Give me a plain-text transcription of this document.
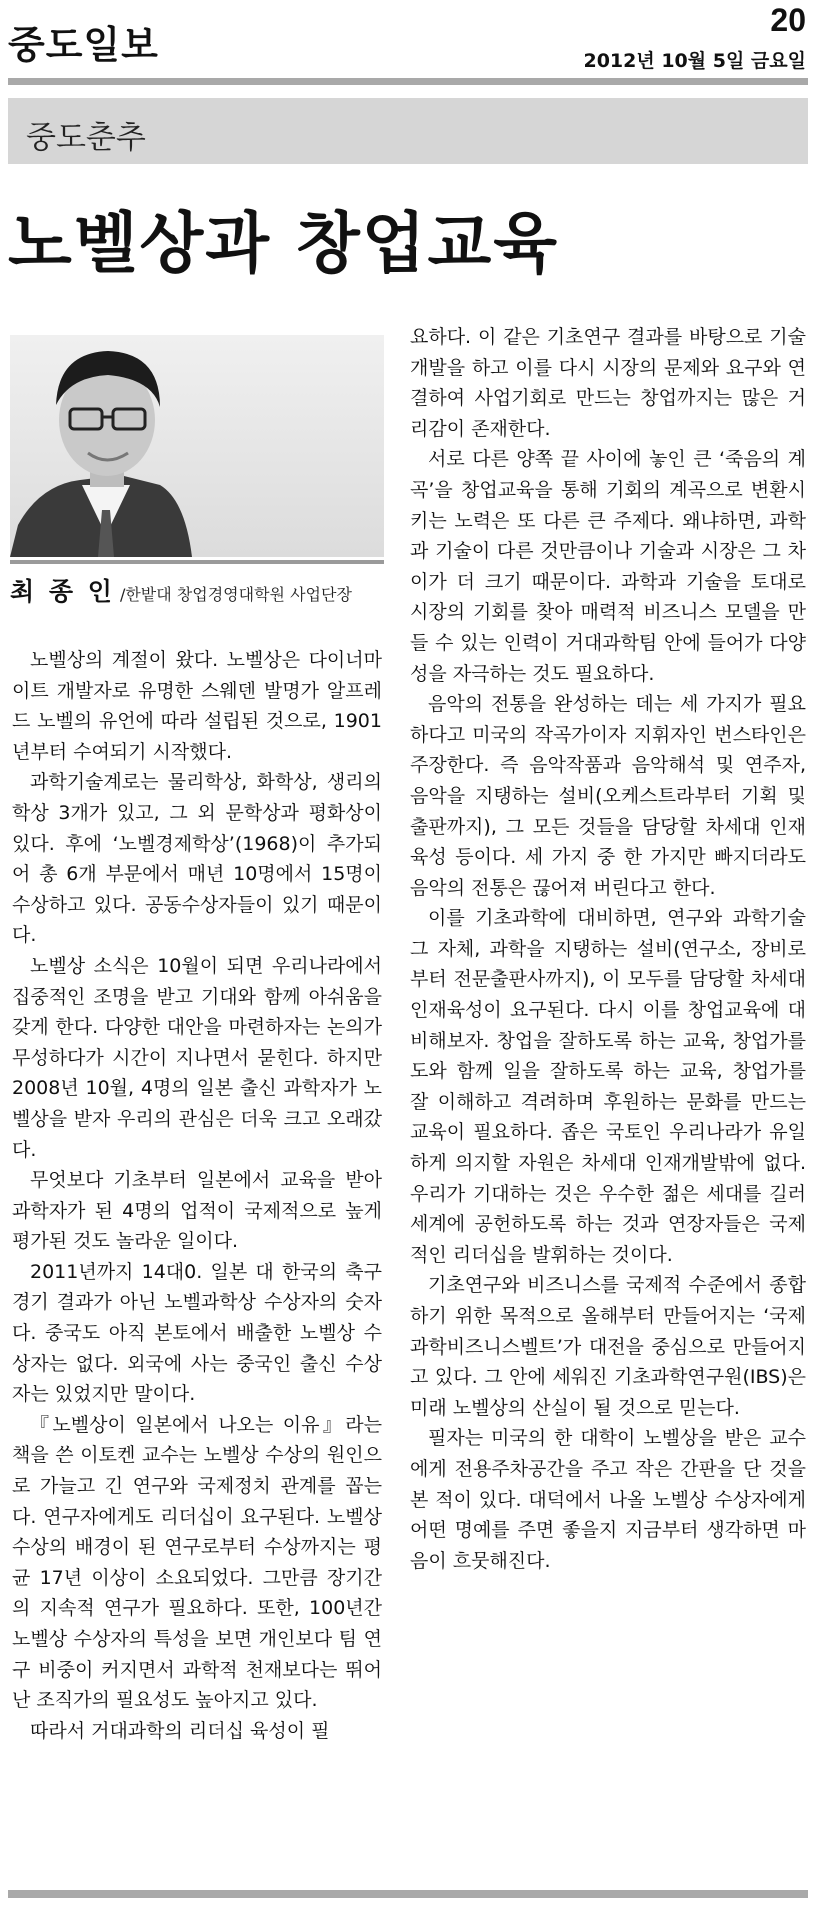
중도일보
20
2012년 10월 5일 금요일
중도춘추
노벨상과 창업교육
최 종 인 /한밭대 창업경영대학원 사업단장

노벨상의 계절이 왔다. 노벨상은 다이너마이트 개발자로 유명한 스웨덴 발명가 알프레드 노벨의 유언에 따라 설립된 것으로, 1901년부터 수여되기 시작했다.

과학기술계로는 물리학상, 화학상, 생리의학상 3개가 있고, 그 외 문학상과 평화상이 있다. 후에 ‘노벨경제학상’(1968)이 추가되어 총 6개 부문에서 매년 10명에서 15명이 수상하고 있다. 공동수상자들이 있기 때문이다.

노벨상 소식은 10월이 되면 우리나라에서 집중적인 조명을 받고 기대와 함께 아쉬움을 갖게 한다. 다양한 대안을 마련하자는 논의가 무성하다가 시간이 지나면서 묻힌다. 하지만 2008년 10월, 4명의 일본 출신 과학자가 노벨상을 받자 우리의 관심은 더욱 크고 오래갔다.

무엇보다 기초부터 일본에서 교육을 받아 과학자가 된 4명의 업적이 국제적으로 높게 평가된 것도 놀라운 일이다.

2011년까지 14대0. 일본 대 한국의 축구경기 결과가 아닌 노벨과학상 수상자의 숫자다. 중국도 아직 본토에서 배출한 노벨상 수상자는 없다. 외국에 사는 중국인 출신 수상자는 있었지만 말이다.

『노벨상이 일본에서 나오는 이유』라는 책을 쓴 이토켄 교수는 노벨상 수상의 원인으로 가늘고 긴 연구와 국제정치 관계를 꼽는다. 연구자에게도 리더십이 요구된다. 노벨상 수상의 배경이 된 연구로부터 수상까지는 평균 17년 이상이 소요되었다. 그만큼 장기간의 지속적 연구가 필요하다. 또한, 100년간 노벨상 수상자의 특성을 보면 개인보다 팀 연구 비중이 커지면서 과학적 천재보다는 뛰어난 조직가의 필요성도 높아지고 있다.

따라서 거대과학의 리더십 육성이 필

요하다. 이 같은 기초연구 결과를 바탕으로 기술개발을 하고 이를 다시 시장의 문제와 요구와 연결하여 사업기회로 만드는 창업까지는 많은 거리감이 존재한다.

서로 다른 양쪽 끝 사이에 놓인 큰 ‘죽음의 계곡’을 창업교육을 통해 기회의 계곡으로 변환시키는 노력은 또 다른 큰 주제다. 왜냐하면, 과학과 기술이 다른 것만큼이나 기술과 시장은 그 차이가 더 크기 때문이다. 과학과 기술을 토대로 시장의 기회를 찾아 매력적 비즈니스 모델을 만들 수 있는 인력이 거대과학팀 안에 들어가 다양성을 자극하는 것도 필요하다.

음악의 전통을 완성하는 데는 세 가지가 필요하다고 미국의 작곡가이자 지휘자인 번스타인은 주장한다. 즉 음악작품과 음악해석 및 연주자, 음악을 지탱하는 설비(오케스트라부터 기획 및 출판까지), 그 모든 것들을 담당할 차세대 인재육성 등이다. 세 가지 중 한 가지만 빠지더라도 음악의 전통은 끊어져 버린다고 한다.

이를 기초과학에 대비하면, 연구와 과학기술 그 자체, 과학을 지탱하는 설비(연구소, 장비로부터 전문출판사까지), 이 모두를 담당할 차세대 인재육성이 요구된다. 다시 이를 창업교육에 대비해보자. 창업을 잘하도록 하는 교육, 창업가를 도와 함께 일을 잘하도록 하는 교육, 창업가를 잘 이해하고 격려하며 후원하는 문화를 만드는 교육이 필요하다. 좁은 국토인 우리나라가 유일하게 의지할 자원은 차세대 인재개발밖에 없다. 우리가 기대하는 것은 우수한 젊은 세대를 길러 세계에 공헌하도록 하는 것과 연장자들은 국제적인 리더십을 발휘하는 것이다.

기초연구와 비즈니스를 국제적 수준에서 종합하기 위한 목적으로 올해부터 만들어지는 ‘국제과학비즈니스벨트’가 대전을 중심으로 만들어지고 있다. 그 안에 세워진 기초과학연구원(IBS)은 미래 노벨상의 산실이 될 것으로 믿는다.

필자는 미국의 한 대학이 노벨상을 받은 교수에게 전용주차공간을 주고 작은 간판을 단 것을 본 적이 있다. 대덕에서 나올 노벨상 수상자에게 어떤 명예를 주면 좋을지 지금부터 생각하면 마음이 흐뭇해진다.
